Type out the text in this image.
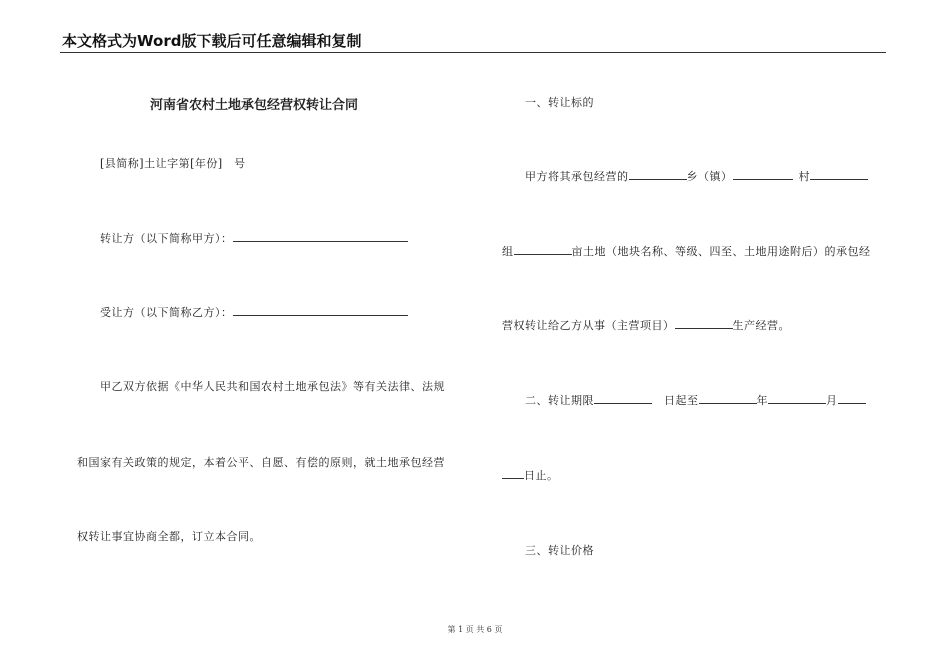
本文格式为Word版下载后可任意编辑和复制
河南省农村土地承包经营权转让合同
[县简称]土让字第[年份]　号
转让方（以下简称甲方）：
受让方（以下简称乙方）：
甲乙双方依据《中华人民共和国农村土地承包法》等有关法律、法规
和国家有关政策的规定，本着公平、自愿、有偿的原则，就土地承包经营
权转让事宜协商全都，订立本合同。
一、转让标的
甲方将其承包经营的	乡（镇）	村
组	亩土地（地块名称、等级、四至、土地用途附后）的承包经
营权转让给乙方从事（主营项目）	生产经营。
二、转让期限	日起至	年	月
日止。
三、转让价格
第 1 页 共 6 页
